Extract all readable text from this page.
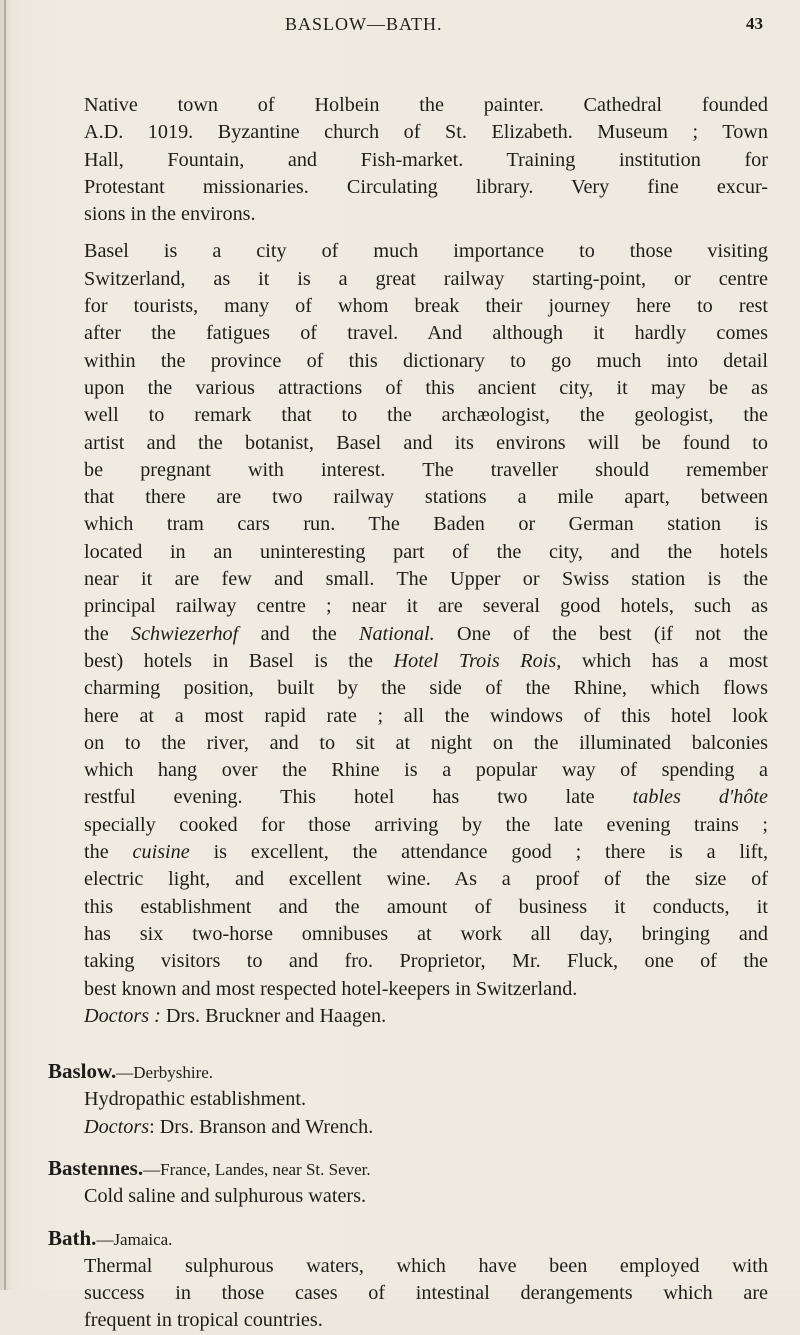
BASLOW—BATH.	43

Native town of Holbein the painter. Cathedral founded
A.D. 1019. Byzantine church of St. Elizabeth. Museum ; Town
Hall, Fountain, and Fish-market. Training institution for
Protestant missionaries. Circulating library. Very fine excur-
sions in the environs.

Basel is a city of much importance to those visiting
Switzerland, as it is a great railway starting-point, or centre
for tourists, many of whom break their journey here to rest
after the fatigues of travel. And although it hardly comes
within the province of this dictionary to go much into detail
upon the various attractions of this ancient city, it may be as
well to remark that to the archæologist, the geologist, the
artist and the botanist, Basel and its environs will be found to
be pregnant with interest. The traveller should remember
that there are two railway stations a mile apart, between
which tram cars run. The Baden or German station is
located in an uninteresting part of the city, and the hotels
near it are few and small. The Upper or Swiss station is the
principal railway centre ; near it are several good hotels, such as
the Schwiezerhof and the National. One of the best (if not the
best) hotels in Basel is the Hotel Trois Rois, which has a most
charming position, built by the side of the Rhine, which flows
here at a most rapid rate ; all the windows of this hotel look
on to the river, and to sit at night on the illuminated balconies
which hang over the Rhine is a popular way of spending a
restful evening. This hotel has two late tables d'hôte
specially cooked for those arriving by the late evening trains ;
the cuisine is excellent, the attendance good ; there is a lift,
electric light, and excellent wine. As a proof of the size of
this establishment and the amount of business it conducts, it
has six two-horse omnibuses at work all day, bringing and
taking visitors to and fro. Proprietor, Mr. Fluck, one of the
best known and most respected hotel-keepers in Switzerland.

Doctors : Drs. Bruckner and Haagen.

Baslow.—Derbyshire.
Hydropathic establishment.
Doctors: Drs. Branson and Wrench.
Bastennes.—France, Landes, near St. Sever.
Cold saline and sulphurous waters.
Bath.—Jamaica.
Thermal sulphurous waters, which have been employed with
success in those cases of intestinal derangements which are
frequent in tropical countries.
